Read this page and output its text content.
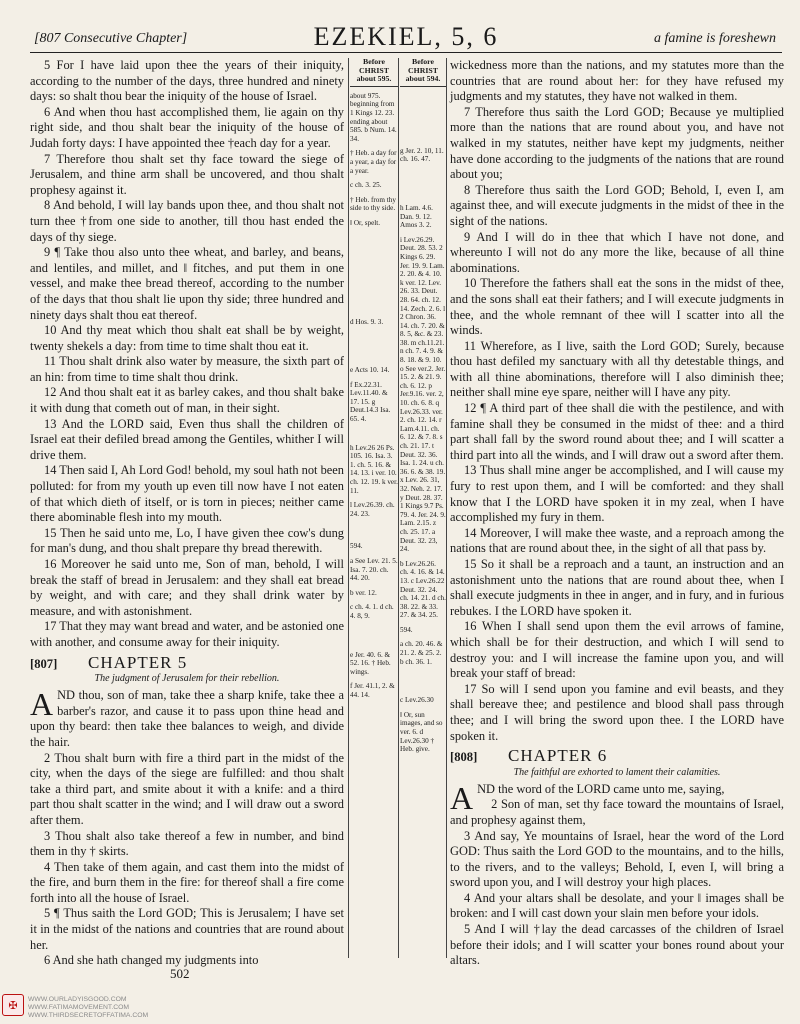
[807 Consecutive Chapter]	EZEKIEL, 5, 6	a famine is foreshewn

5 For I have laid upon thee the years of their iniquity, according to the number of the days, three hundred and ninety days: so shalt thou bear the iniquity of the house of Israel.

6 And when thou hast accomplished them, lie again on thy right side, and thou shalt bear the iniquity of the house of Judah forty days: I have appointed thee †each day for a year.

7 Therefore thou shalt set thy face toward the siege of Jerusalem, and thine arm shall be uncovered, and thou shalt prophesy against it.

8 And behold, I will lay bands upon thee, and thou shalt not turn thee †from one side to another, till thou hast ended the days of thy siege.

9 ¶ Take thou also unto thee wheat, and barley, and beans, and lentiles, and millet, and ‖ fitches, and put them in one vessel, and make thee bread thereof, according to the number of the days that thou shalt lie upon thy side; three hundred and ninety days shalt thou eat thereof.

10 And thy meat which thou shalt eat shall be by weight, twenty shekels a day: from time to time shalt thou eat it.

11 Thou shalt drink also water by measure, the sixth part of an hin: from time to time shalt thou drink.

12 And thou shalt eat it as barley cakes, and thou shalt bake it with dung that cometh out of man, in their sight.

13 And the LORD said, Even thus shall the children of Israel eat their defiled bread among the Gentiles, whither I will drive them.

14 Then said I, Ah Lord God! behold, my soul hath not been polluted: for from my youth up even till now have I not eaten of that which dieth of itself, or is torn in pieces; neither came there abominable flesh into my mouth.

15 Then he said unto me, Lo, I have given thee cow's dung for man's dung, and thou shalt prepare thy bread therewith.

16 Moreover he said unto me, Son of man, behold, I will break the staff of bread in Jerusalem: and they shall eat bread by weight, and with care; and they shall drink water by measure, and with astonishment.

17 That they may want bread and water, and be astonied one with another, and consume away for their iniquity.

[807]	CHAPTER 5
The judgment of Jerusalem for their rebellion.

AND thou, son of man, take thee a sharp knife, take thee a barber's razor, and cause it to pass upon thine head and upon thy beard: then take thee balances to weigh, and divide the hair.

2 Thou shalt burn with fire a third part in the midst of the city, when the days of the siege are fulfilled: and thou shalt take a third part, and smite about it with a knife: and a third part thou shalt scatter in the wind; and I will draw out a sword after them.

3 Thou shalt also take thereof a few in number, and bind them in thy † skirts.

4 Then take of them again, and cast them into the midst of the fire, and burn them in the fire: for thereof shall a fire come forth into all the house of Israel.

5 ¶ Thus saith the Lord GOD; This is Jerusalem; I have set it in the midst of the nations and countries that are round about her.

6 And she hath changed my judgments into

Before CHRIST about 595.
about 975. beginning from 1 Kings 12. 23. ending about 585. b Num. 14. 34.
† Heb. a day for a year, a day for a year.
c ch. 3. 25.
† Heb. from thy side to thy side.
‖ Or, spelt.
d Hos. 9. 3.
e Acts 10. 14.
f Ex.22.31. Lev.11.40. & 17. 15. g Deut.14.3 Isa. 65. 4.
h Lev.26 26 Ps. 105. 16. Isa. 3. 1. ch. 5. 16. & 14. 13. i ver. 10. ch. 12. 19. k ver. 11.
l Lev.26.39. ch. 24. 23.
594.
a See Lev. 21. 5. Isa. 7. 20. ch. 44. 20.
b ver. 12.
c ch. 4. 1. d ch. 4. 8, 9.
e Jer. 40. 6. & 52. 16. † Heb. wings.
f Jer. 41.1, 2. & 44. 14.
Before CHRIST about 594.
g Jer. 2. 10, 11. ch. 16. 47.
h Lam. 4.6. Dan. 9. 12. Amos 3. 2.
i Lev.26.29. Deut. 28. 53. 2 Kings 6. 29. Jer. 19. 9. Lam. 2. 20. & 4. 10. k ver. 12. Lev. 26. 33. Deut. 28. 64. ch. 12. 14. Zech. 2. 6. l 2 Chron. 36. 14. ch. 7. 20. & 8. 5, &c. & 23. 38. m ch.11.21. n ch. 7. 4. 9. & 8. 18. & 9. 10. o See ver.2. Jer. 15. 2. & 21. 9. ch. 6. 12. p Jer.9.16. ver. 2, 10. ch. 6. 8. q Lev.26.33. ver. 2. ch. 12. 14. r Lam.4.11. ch. 6. 12. & 7. 8. s ch. 21. 17. t Deut. 32. 36. Isa. 1. 24. u ch. 36. 6. & 38. 19. x Lev. 26. 31, 32. Neh. 2. 17. y Deut. 28. 37. 1 Kings 9.7 Ps. 79. 4. Jer. 24. 9. Lam. 2.15. z ch. 25. 17. a Deut. 32. 23, 24.
b Lev.26.26. ch. 4. 16. & 14. 13. c Lev.26.22 Deut. 32. 24. ch. 14. 21. d ch. 38. 22. & 33. 27. & 34. 25.
594.
a ch. 20. 46. & 21. 2. & 25. 2. b ch. 36. 1.
c Lev.26.30
‖ Or, sun images, and so ver. 6. d Lev.26.30 † Heb. give.

wickedness more than the nations, and my statutes more than the countries that are round about her: for they have refused my judgments and my statutes, they have not walked in them.

7 Therefore thus saith the Lord GOD; Because ye multiplied more than the nations that are round about you, and have not walked in my statutes, neither have kept my judgments, neither have done according to the judgments of the nations that are round about you;

8 Therefore thus saith the Lord GOD; Behold, I, even I, am against thee, and will execute judgments in the midst of thee in the sight of the nations.

9 And I will do in thee that which I have not done, and whereunto I will not do any more the like, because of all thine abominations.

10 Therefore the fathers shall eat the sons in the midst of thee, and the sons shall eat their fathers; and I will execute judgments in thee, and the whole remnant of thee will I scatter into all the winds.

11 Wherefore, as I live, saith the Lord GOD; Surely, because thou hast defiled my sanctuary with all thy detestable things, and with all thine abominations, therefore will I also diminish thee; neither shall mine eye spare, neither will I have any pity.

12 ¶ A third part of thee shall die with the pestilence, and with famine shall they be consumed in the midst of thee: and a third part shall fall by the sword round about thee; and I will scatter a third part into all the winds, and I will draw out a sword after them.

13 Thus shall mine anger be accomplished, and I will cause my fury to rest upon them, and I will be comforted: and they shall know that I the LORD have spoken it in my zeal, when I have accomplished my fury in them.

14 Moreover, I will make thee waste, and a reproach among the nations that are round about thee, in the sight of all that pass by.

15 So it shall be a reproach and a taunt, an instruction and an astonishment unto the nations that are round about thee, when I shall execute judgments in thee in anger, and in fury, and in furious rebukes. I the LORD have spoken it.

16 When I shall send upon them the evil arrows of famine, which shall be for their destruction, and which I will send to destroy you: and I will increase the famine upon you, and will break your staff of bread:

17 So will I send upon you famine and evil beasts, and they shall bereave thee; and pestilence and blood shall pass through thee; and I will bring the sword upon thee. I the LORD have spoken it.

[808]	CHAPTER 6
The faithful are exhorted to lament their calamities.

AND the word of the LORD came unto me, saying,

2 Son of man, set thy face toward the mountains of Israel, and prophesy against them,

3 And say, Ye mountains of Israel, hear the word of the Lord GOD: Thus saith the Lord GOD to the mountains, and to the hills, to the rivers, and to the valleys; Behold, I, even I, will bring a sword upon you, and I will destroy your high places.

4 And your altars shall be desolate, and your ‖ images shall be broken: and I will cast down your slain men before your idols.

5 And I will †lay the dead carcasses of the children of Israel before their idols; and I will scatter your bones round about your altars.

502
✠	WWW.OURLADYISGOOD.COM
WWW.FATIMAMOVEMENT.COM
WWW.THIRDSECRETOFFATIMA.COM
